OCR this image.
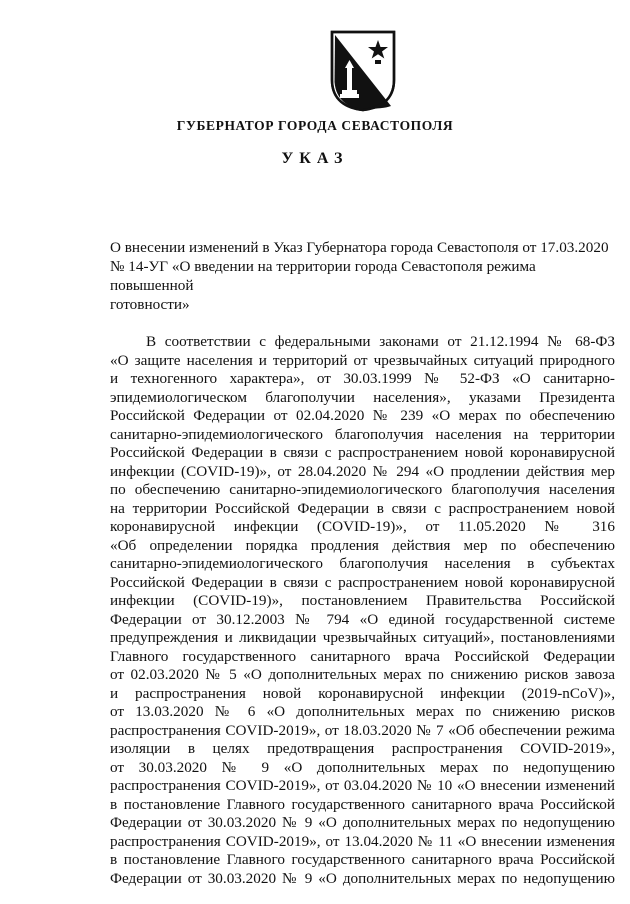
ГУБЕРНАТОР ГОРОДА СЕВАСТОПОЛЯ
УКАЗ
О внесении изменений в Указ Губернатора города Севастополя от 17.03.2020
№ 14-УГ «О введении на территории города Севастополя режима повышенной
готовности»
В соответствии с федеральными законами от 21.12.1994 № 68-ФЗ
«О защите населения и территорий от чрезвычайных ситуаций природного
и техногенного характера», от 30.03.1999 № 52-ФЗ «О санитарно-
эпидемиологическом благополучии населения», указами Президента
Российской Федерации от 02.04.2020 № 239 «О мерах по обеспечению
санитарно-эпидемиологического благополучия населения на территории
Российской Федерации в связи с распространением новой коронавирусной
инфекции (COVID-19)», от 28.04.2020 № 294 «О продлении действия мер
по обеспечению санитарно-эпидемиологического благополучия населения
на территории Российской Федерации в связи с распространением новой
коронавирусной инфекции (COVID-19)», от 11.05.2020 № 316
«Об определении порядка продления действия мер по обеспечению
санитарно-эпидемиологического благополучия населения в субъектах
Российской Федерации в связи с распространением новой коронавирусной
инфекции (COVID-19)», постановлением Правительства Российской
Федерации от 30.12.2003 № 794 «О единой государственной системе
предупреждения и ликвидации чрезвычайных ситуаций», постановлениями
Главного государственного санитарного врача Российской Федерации
от 02.03.2020 № 5 «О дополнительных мерах по снижению рисков завоза
и распространения новой коронавирусной инфекции (2019-nCoV)»,
от 13.03.2020 № 6 «О дополнительных мерах по снижению рисков
распространения COVID-2019», от 18.03.2020 № 7 «Об обеспечении режима
изоляции в целях предотвращения распространения COVID-2019»,
от 30.03.2020 № 9 «О дополнительных мерах по недопущению
распространения COVID-2019», от 03.04.2020 № 10 «О внесении изменений
в постановление Главного государственного санитарного врача Российской
Федерации от 30.03.2020 № 9 «О дополнительных мерах по недопущению
распространения COVID-2019», от 13.04.2020 № 11 «О внесении изменения
в постановление Главного государственного санитарного врача Российской
Федерации от 30.03.2020 № 9 «О дополнительных мерах по недопущению
